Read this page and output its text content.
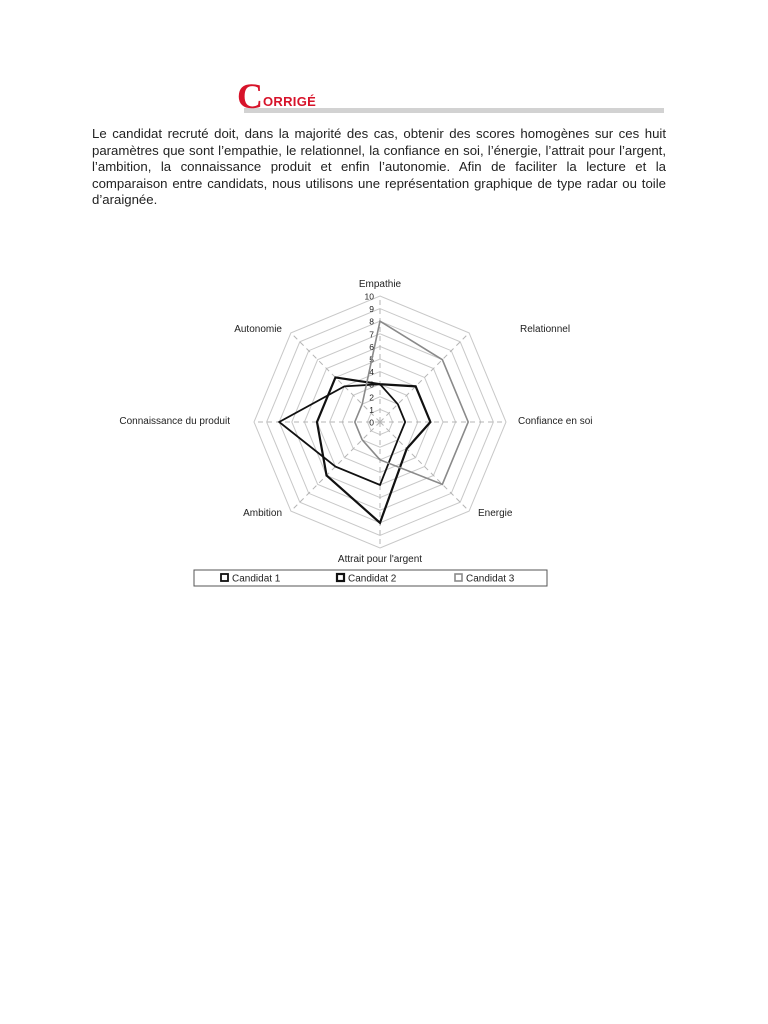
C ORRIGÉ

Le candidat recruté doit, dans la majorité des cas, obtenir des scores homogènes sur ces huit paramètres que sont l’empathie, le relationnel, la confiance en soi, l’énergie, l’attrait pour l’argent, l’ambition, la connaissance produit et enfin l’autonomie. Afin de faciliter la lecture et la comparaison entre candidats, nous utilisons une représentation graphique de type radar ou toile d’araignée.

0
1
2
3
4
5
6
7
8
9
10
Empathie
Relationnel
Confiance en soi
Energie
Attrait pour l'argent
Ambition
Connaissance du produit
Autonomie
Candidat 1	Candidat 2	Candidat 3
